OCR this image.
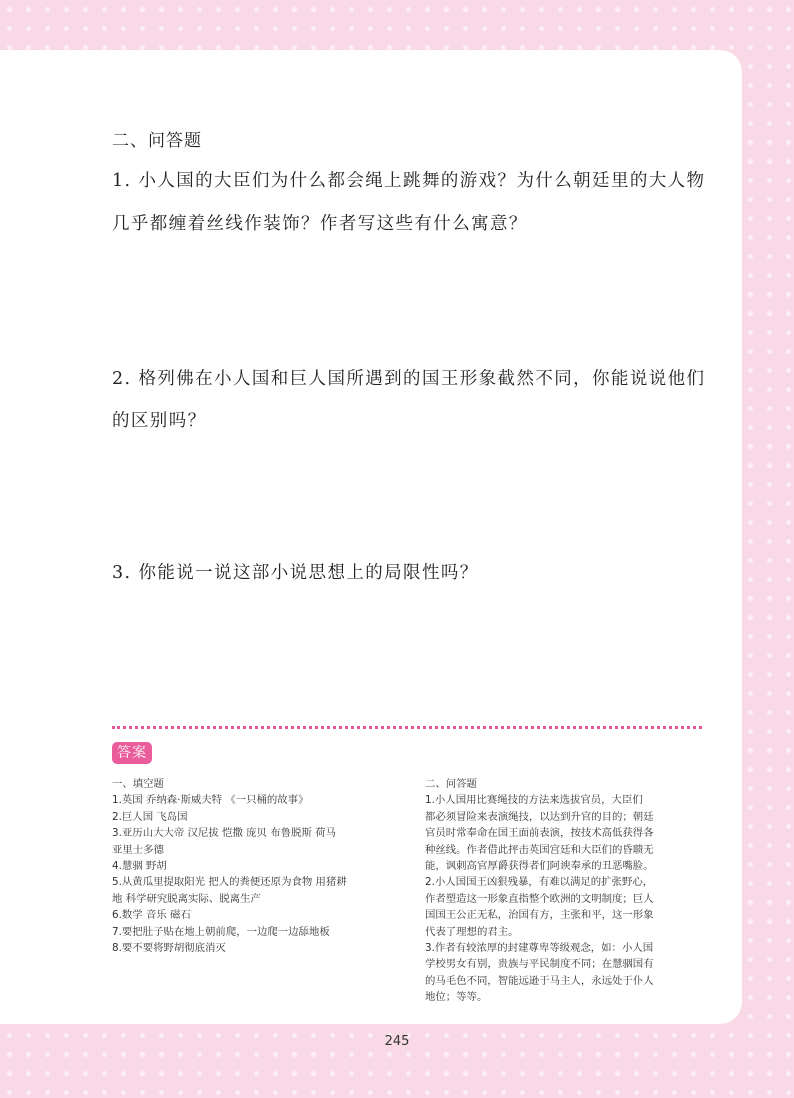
二、问答题
1. 小人国的大臣们为什么都会绳上跳舞的游戏？为什么朝廷里的大人物
几乎都缠着丝线作装饰？作者写这些有什么寓意？
2. 格列佛在小人国和巨人国所遇到的国王形象截然不同，你能说说他们
的区别吗？
3. 你能说一说这部小说思想上的局限性吗？
答案
一、填空题
1.英国 乔纳森·斯威夫特 《一只桶的故事》
2.巨人国 飞岛国
3.亚历山大大帝 汉尼拔 恺撒 庞贝 布鲁脱斯 荷马
亚里士多德
4.慧骃 野胡
5.从黄瓜里提取阳光 把人的粪便还原为食物 用猪耕
地 科学研究脱离实际、脱离生产
6.数学 音乐 磁石
7.要把肚子贴在地上朝前爬，一边爬一边舔地板
8.要不要将野胡彻底消灭
二、问答题
1.小人国用比赛绳技的方法来选拔官员，大臣们
都必须冒险来表演绳技，以达到升官的目的；朝廷
官员时常奉命在国王面前表演，按技术高低获得各
种丝线。作者借此抨击英国宫廷和大臣们的昏聩无
能，讽刺高官厚爵获得者们阿谀奉承的丑恶嘴脸。
2.小人国国王凶狠残暴，有难以满足的扩张野心，
作者塑造这一形象直指整个欧洲的文明制度；巨人
国国王公正无私，治国有方，主张和平，这一形象
代表了理想的君主。
3.作者有较浓厚的封建尊卑等级观念，如：小人国
学校男女有别，贵族与平民制度不同；在慧骃国有
的马毛色不同，智能远逊于马主人，永远处于仆人
地位；等等。
245
